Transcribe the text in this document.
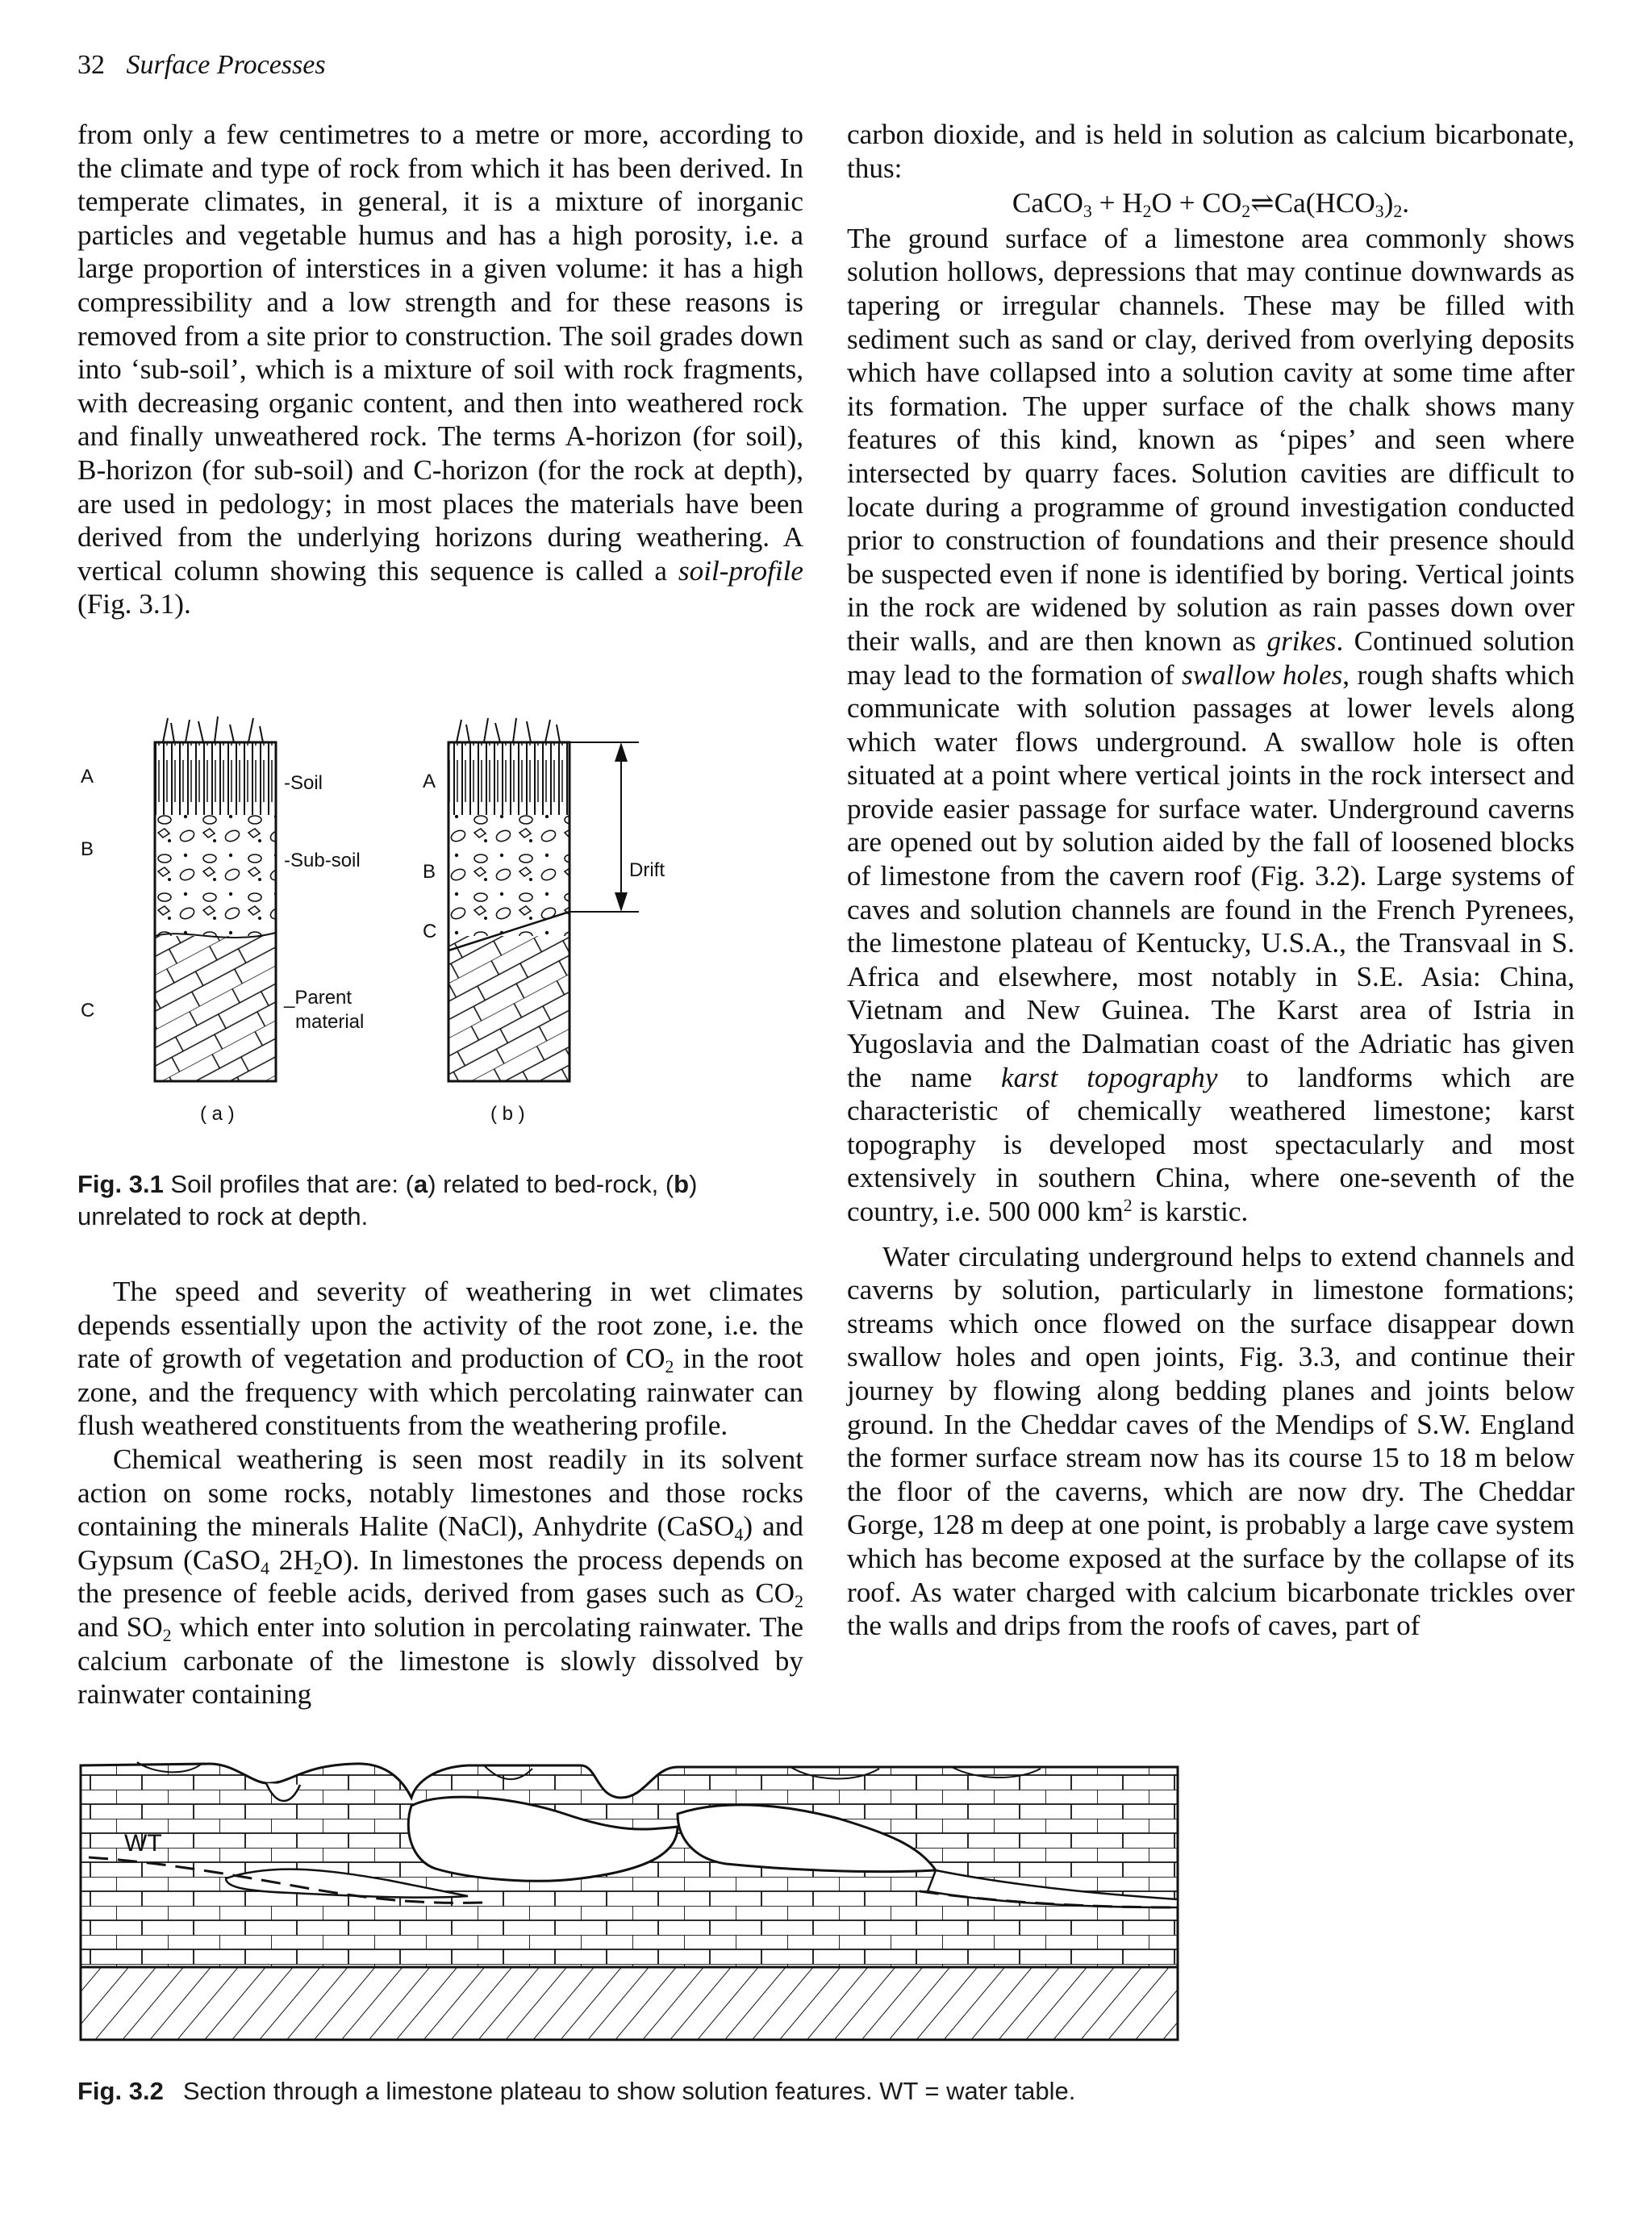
32 Surface Processes

from only a few centimetres to a metre or more, according to the climate and type of rock from which it has been derived. In temperate climates, in general, it is a mixture of inorganic particles and vegetable humus and has a high porosity, i.e. a large proportion of interstices in a given volume: it has a high compressibility and a low strength and for these reasons is removed from a site prior to construction. The soil grades down into ‘sub-soil’, which is a mixture of soil with rock fragments, with decreasing organic content, and then into weathered rock and finally unweathered rock. The terms A-horizon (for soil), B-horizon (for sub-soil) and C-horizon (for the rock at depth), are used in pedology; in most places the materials have been derived from the underlying horizons during weathering. A vertical column showing this sequence is called a soil-profile (Fig. 3.1).

A
B
C
-Soil
-Sub-soil
_Parent
material
( a )
A
B
C
Drift
( b )
Fig. 3.1 Soil profiles that are: (a) related to bed-rock, (b) unrelated to rock at depth.

The speed and severity of weathering in wet climates depends essentially upon the activity of the root zone, i.e. the rate of growth of vegetation and production of $CO_2$ in the root zone, and the frequency with which percolating rainwater can flush weathered constituents from the weathering profile.

Chemical weathering is seen most readily in its solvent action on some rocks, notably limestones and those rocks containing the minerals Halite (NaCl), Anhydrite (CaSO$_4$) and Gypsum (CaSO$_4$ $2H_2O$). In limestones the process depends on the presence of feeble acids, derived from gases such as $CO_2$ and $SO_2$ which enter into solution in percolating rainwater. The calcium carbonate of the limestone is slowly dissolved by rainwater containing

carbon dioxide, and is held in solution as calcium bicarbonate, thus:

CaCO$_3$ + $H_2O$ + $CO_2\rightleftharpoons Ca(HCO_3)_2$.

The ground surface of a limestone area commonly shows solution hollows, depressions that may continue downwards as tapering or irregular channels. These may be filled with sediment such as sand or clay, derived from overlying deposits which have collapsed into a solution cavity at some time after its formation. The upper surface of the chalk shows many features of this kind, known as ‘pipes’ and seen where intersected by quarry faces. Solution cavities are difficult to locate during a programme of ground investigation conducted prior to construction of foundations and their presence should be suspected even if none is identified by boring. Vertical joints in the rock are widened by solution as rain passes down over their walls, and are then known as grikes. Continued solution may lead to the formation of swallow holes, rough shafts which communicate with solution passages at lower levels along which water flows underground. A swallow hole is often situated at a point where vertical joints in the rock intersect and provide easier passage for surface water. Underground caverns are opened out by solution aided by the fall of loosened blocks of limestone from the cavern roof (Fig. 3.2). Large systems of caves and solution channels are found in the French Pyrenees, the limestone plateau of Kentucky, U.S.A., the Transvaal in S. Africa and elsewhere, most notably in S.E. Asia: China, Vietnam and New Guinea. The Karst area of Istria in Yugoslavia and the Dalmatian coast of the Adriatic has given the name karst topography to landforms which are characteristic of chemically weathered limestone; karst topography is developed most spectacularly and most extensively in southern China, where one-seventh of the country, i.e. 500 000 $km^2$ is karstic.

Water circulating underground helps to extend channels and caverns by solution, particularly in limestone formations; streams which once flowed on the surface disappear down swallow holes and open joints, Fig. 3.3, and continue their journey by flowing along bedding planes and joints below ground. In the Cheddar caves of the Mendips of S.W. England the former surface stream now has its course 15 to 18 m below the floor of the caverns, which are now dry. The Cheddar Gorge, 128 m deep at one point, is probably a large cave system which has become exposed at the surface by the collapse of its roof. As water charged with calcium bicarbonate trickles over the walls and drips from the roofs of caves, part of

WT
Fig. 3.2 Section through a limestone plateau to show solution features. WT = water table.
